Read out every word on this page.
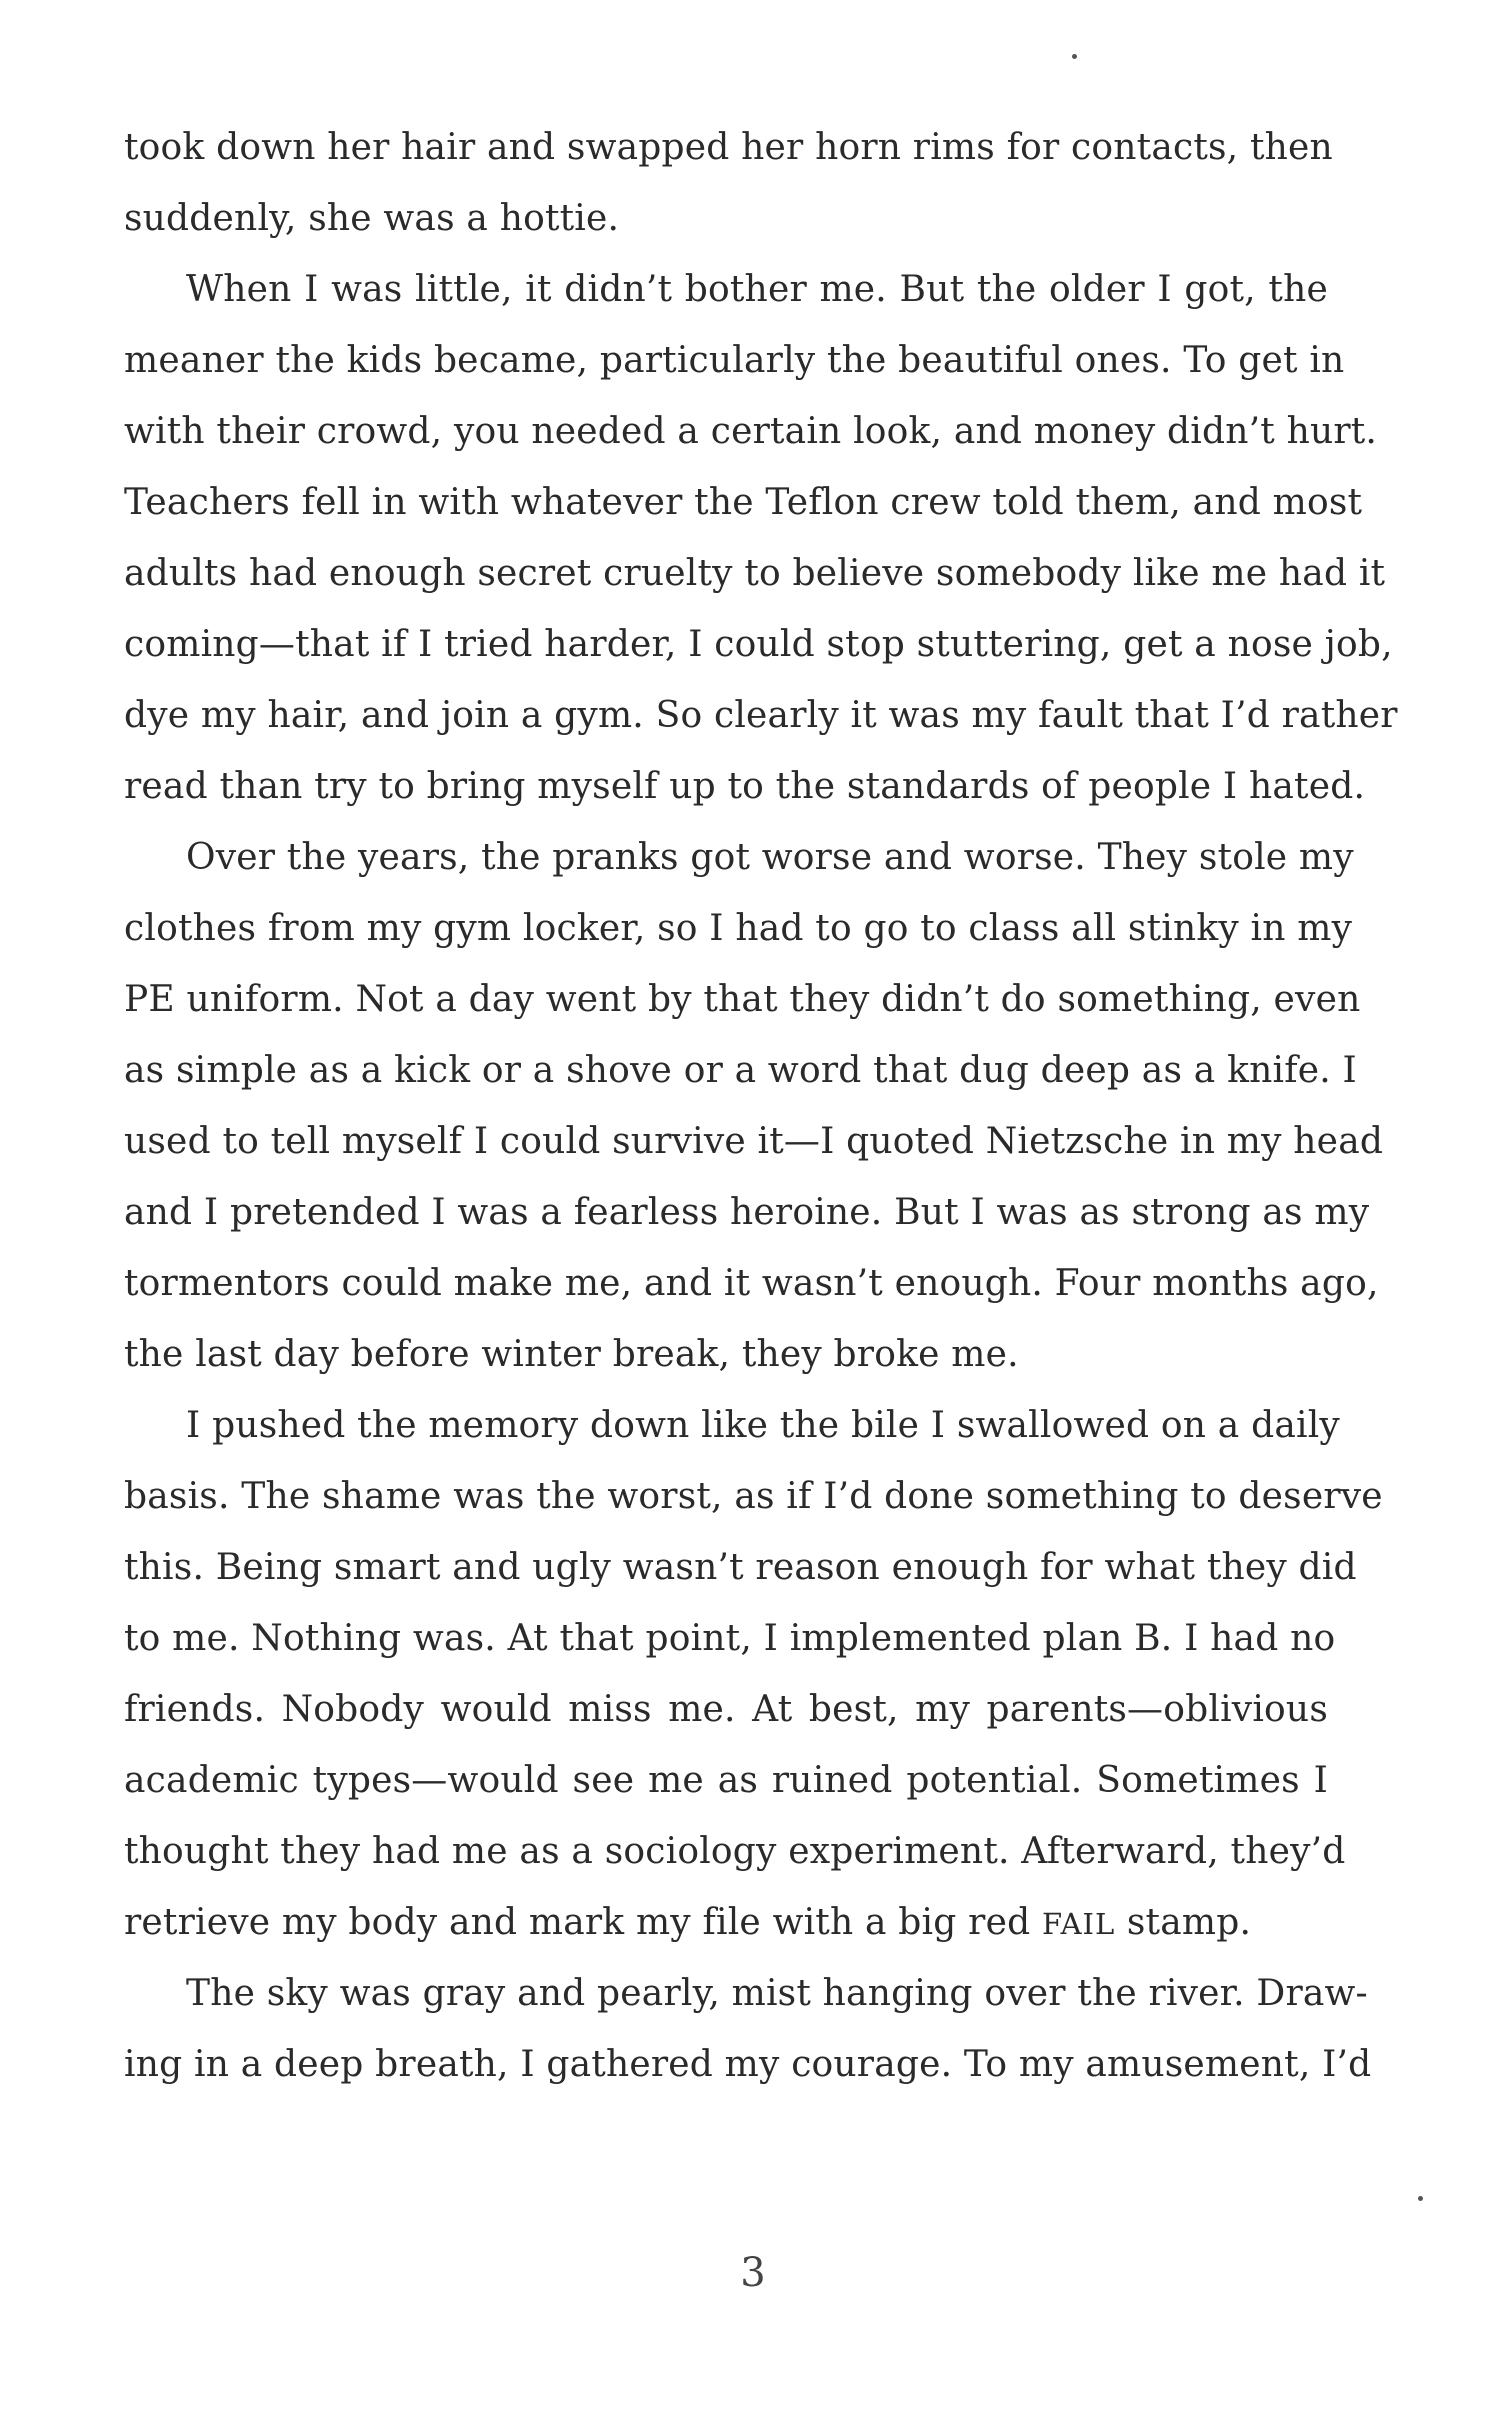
took down her hair and swapped her horn rims for contacts, then
suddenly, she was a hottie.
When I was little, it didn’t bother me. But the older I got, the
meaner the kids became, particularly the beautiful ones. To get in
with their crowd, you needed a certain look, and money didn’t hurt.
Teachers fell in with whatever the Teflon crew told them, and most
adults had enough secret cruelty to believe somebody like me had it
coming—that if I tried harder, I could stop stuttering, get a nose job,
dye my hair, and join a gym. So clearly it was my fault that I’d rather
read than try to bring myself up to the standards of people I hated.
Over the years, the pranks got worse and worse. They stole my
clothes from my gym locker, so I had to go to class all stinky in my
PE uniform. Not a day went by that they didn’t do something, even
as simple as a kick or a shove or a word that dug deep as a knife. I
used to tell myself I could survive it—I quoted Nietzsche in my head
and I pretended I was a fearless heroine. But I was as strong as my
tormentors could make me, and it wasn’t enough. Four months ago,
the last day before winter break, they broke me.
I pushed the memory down like the bile I swallowed on a daily
basis. The shame was the worst, as if I’d done something to deserve
this. Being smart and ugly wasn’t reason enough for what they did
to me. Nothing was. At that point, I implemented plan B. I had no
friends. Nobody would miss me. At best, my parents—oblivious
academic types—would see me as ruined potential. Sometimes I
thought they had me as a sociology experiment. Afterward, they’d
retrieve my body and mark my file with a big red FAIL stamp.
The sky was gray and pearly, mist hanging over the river. Draw-
ing in a deep breath, I gathered my courage. To my amusement, I’d
3
